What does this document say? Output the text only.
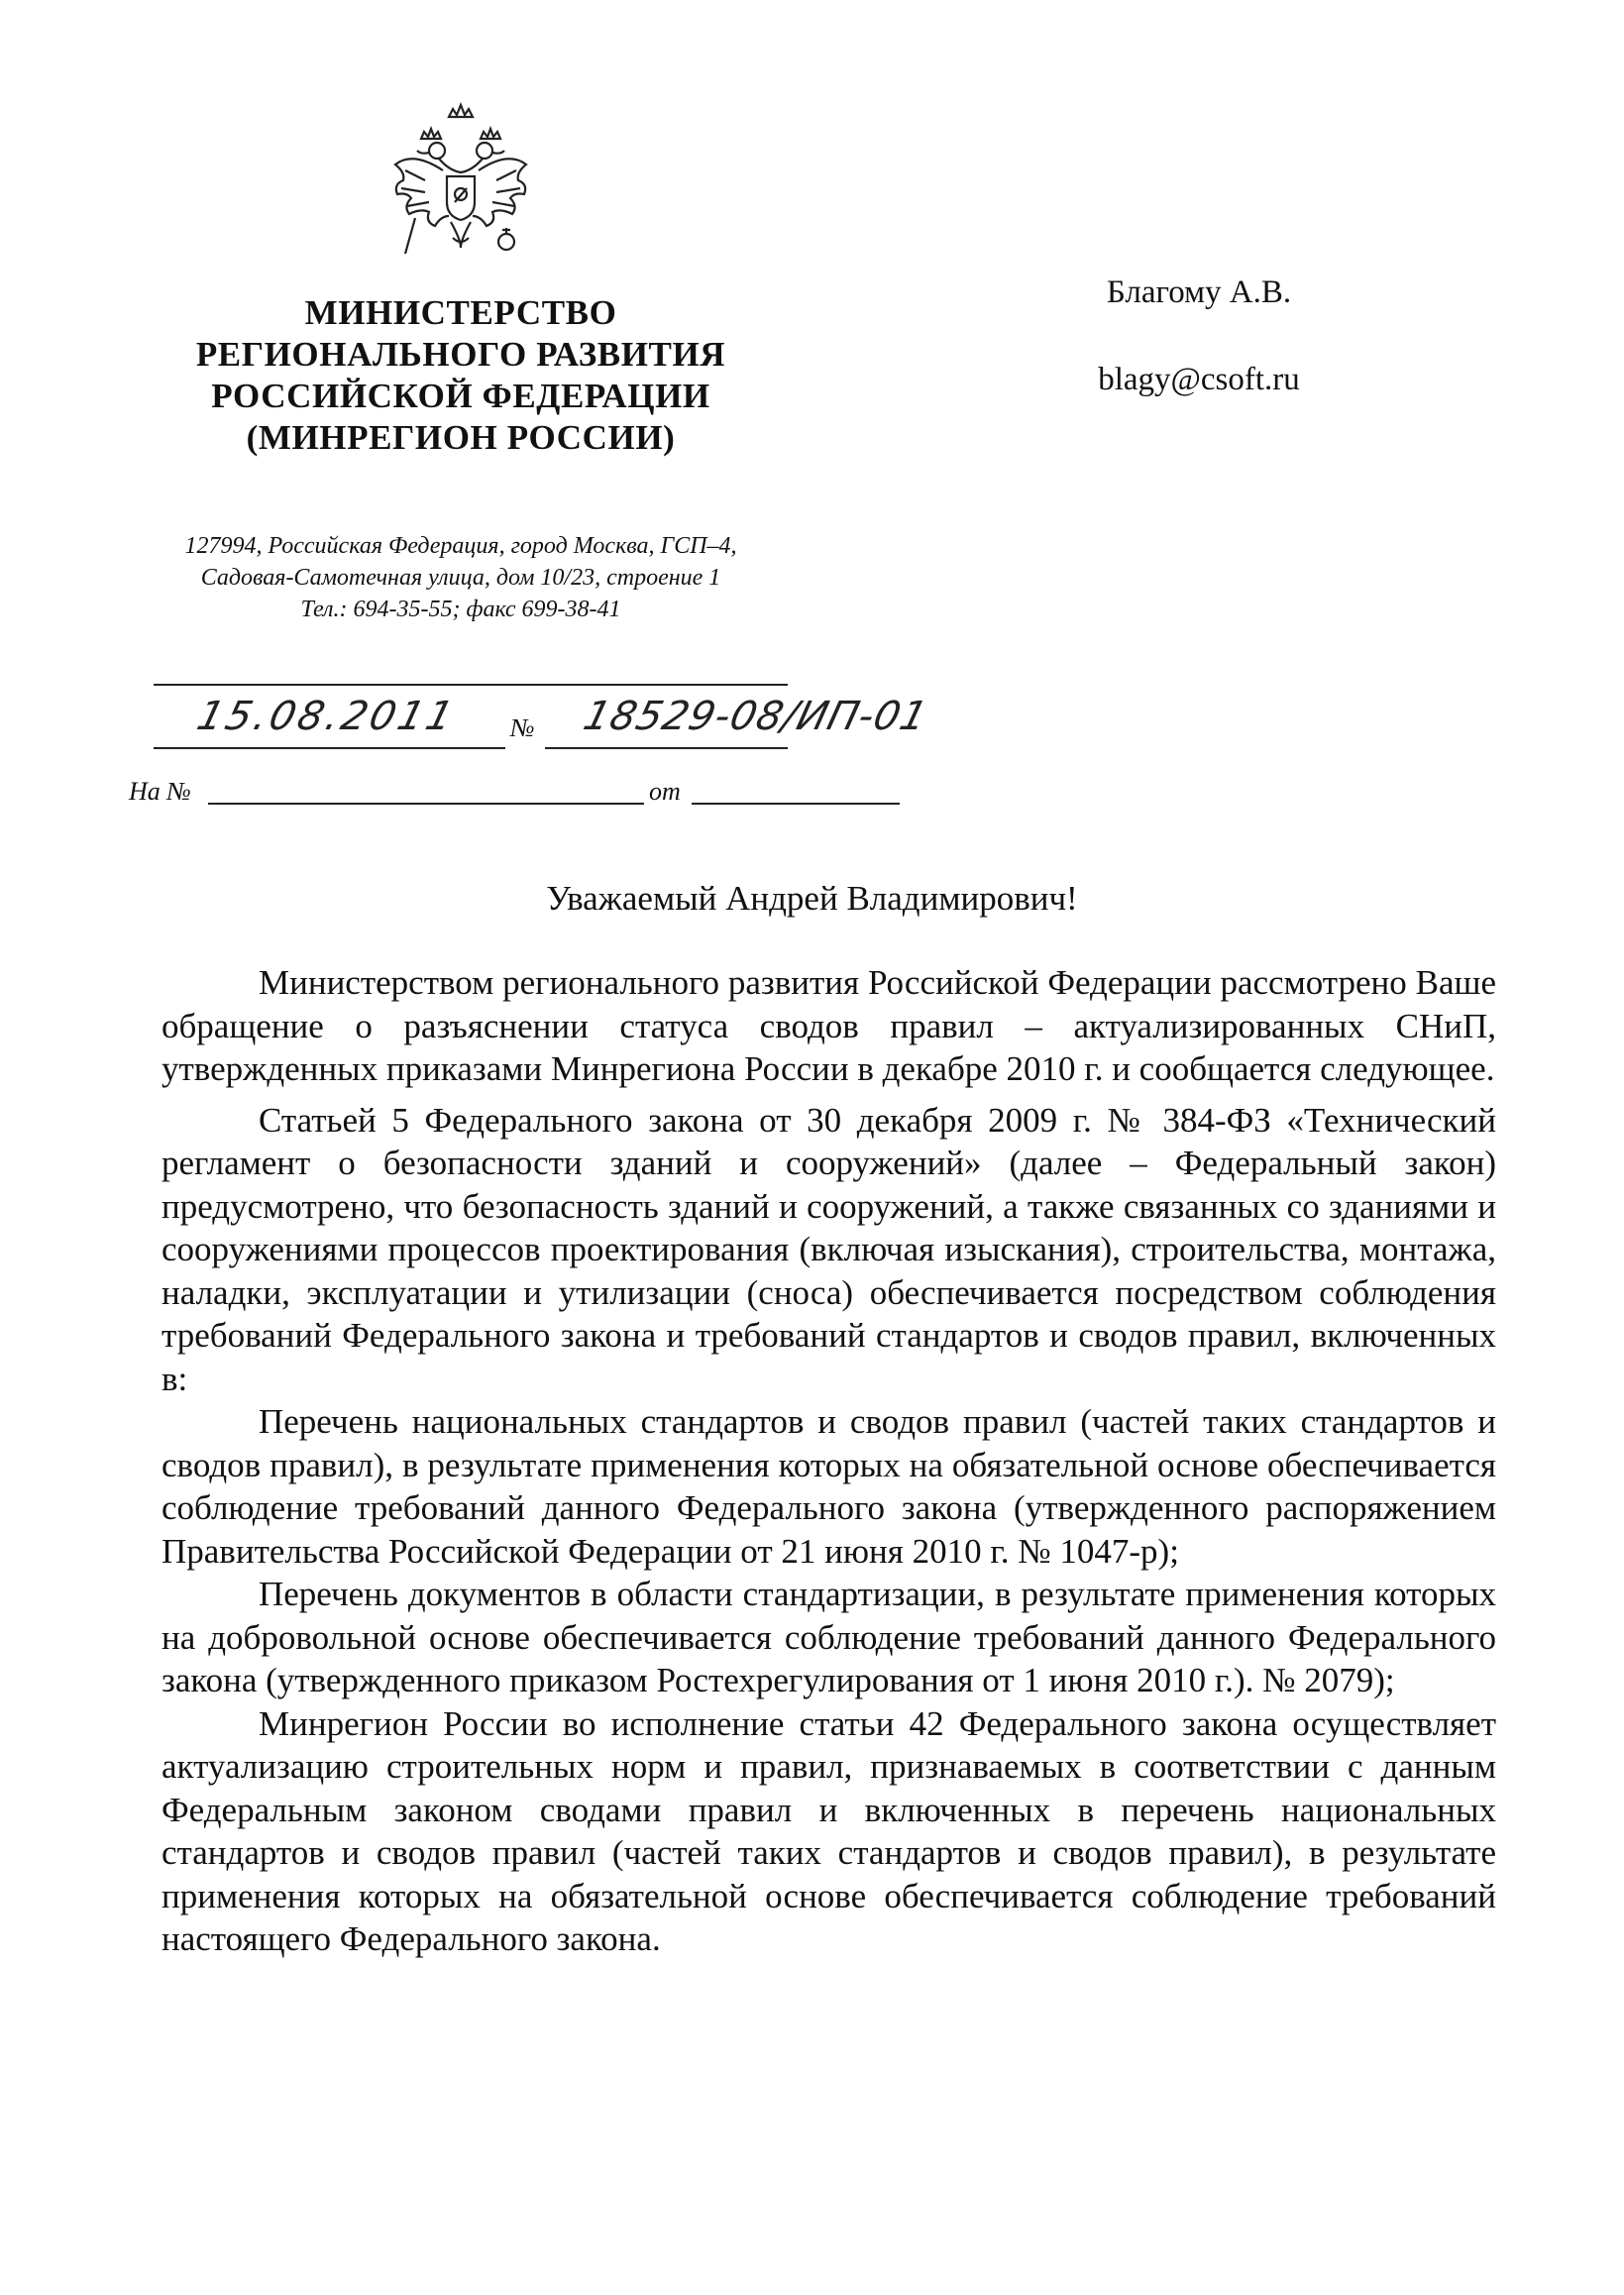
МИНИСТЕРСТВО
РЕГИОНАЛЬНОГО РАЗВИТИЯ
РОССИЙСКОЙ ФЕДЕРАЦИИ
(МИНРЕГИОН РОССИИ)
127994, Российская Федерация, город Москва, ГСП–4,
Садовая-Самотечная улица, дом 10/23, строение 1
Тел.: 694-35-55; факс 699-38-41
Благому А.В.
blagy@csoft.ru
№
15.08.2011	18529-08/ИП-01
На №	от
Уважаемый Андрей Владимирович!

Министерством регионального развития Российской Федерации рассмотрено Ваше обращение о разъяснении статуса сводов правил – актуализированных СНиП, утвержденных приказами Минрегиона России в декабре 2010 г. и сообщается следующее.

Статьей 5 Федерального закона от 30 декабря 2009 г. № 384-ФЗ «Технический регламент о безопасности зданий и сооружений» (далее – Федеральный закон) предусмотрено, что безопасность зданий и сооружений, а также связанных со зданиями и сооружениями процессов проектирования (включая изыскания), строительства, монтажа, наладки, эксплуатации и утилизации (сноса) обеспечивается посредством соблюдения требований Федерального закона и требований стандартов и сводов правил, включенных в:

Перечень национальных стандартов и сводов правил (частей таких стандартов и сводов правил), в результате применения которых на обязательной основе обеспечивается соблюдение требований данного Федерального закона (утвержденного распоряжением Правительства Российской Федерации от 21 июня 2010 г. № 1047-р);

Перечень документов в области стандартизации, в результате применения которых на добровольной основе обеспечивается соблюдение требований данного Федерального закона (утвержденного приказом Ростехрегулирования от 1 июня 2010 г.). № 2079);

Минрегион России во исполнение статьи 42 Федерального закона осуществляет актуализацию строительных норм и правил, признаваемых в соответствии с данным Федеральным законом сводами правил и включенных в перечень национальных стандартов и сводов правил (частей таких стандартов и сводов правил), в результате применения которых на обязательной основе обеспечивается соблюдение требований настоящего Федерального закона.
